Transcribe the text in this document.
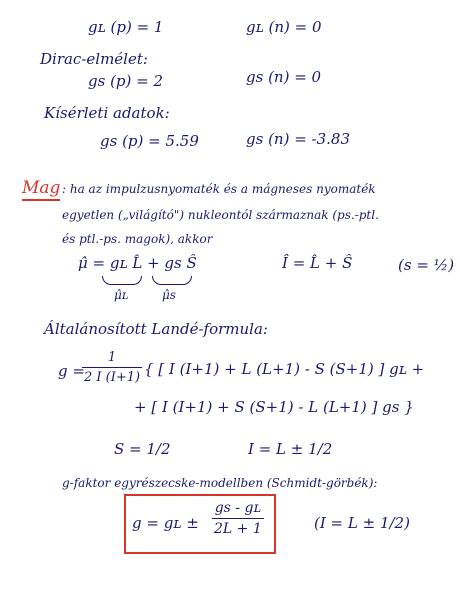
gʟ (p) = 1	gʟ (n) = 0
Dirac-elmélet:
gs (p) = 2	gs (n) = 0
Kísérleti adatok:
gs (p) = 5.59	gs (n) = -3.83
Mag : ha az impulzusnyomaték és a mágneses nyomaték
egyetlen („világító") nukleontól származnak (ps.-ptl.
és ptl.-ps. magok), akkor
μ̂ = gʟ L̂ + gs Ŝ
μ̂ʟ	μ̂s
Î = L̂ + Ŝ	(s = ½)
Általánosított Landé-formula:
g =
1
2 I (I+1) { [ I (I+1) + L (L+1) - S (S+1) ] gʟ +
+ [ I (I+1) + S (S+1) - L (L+1) ] gs }
S = 1/2	I = L ± 1/2
g-faktor egyrészecske-modellben (Schmidt-görbék):
g = gʟ ±
gs - gʟ
2L + 1	(I = L ± 1/2)
